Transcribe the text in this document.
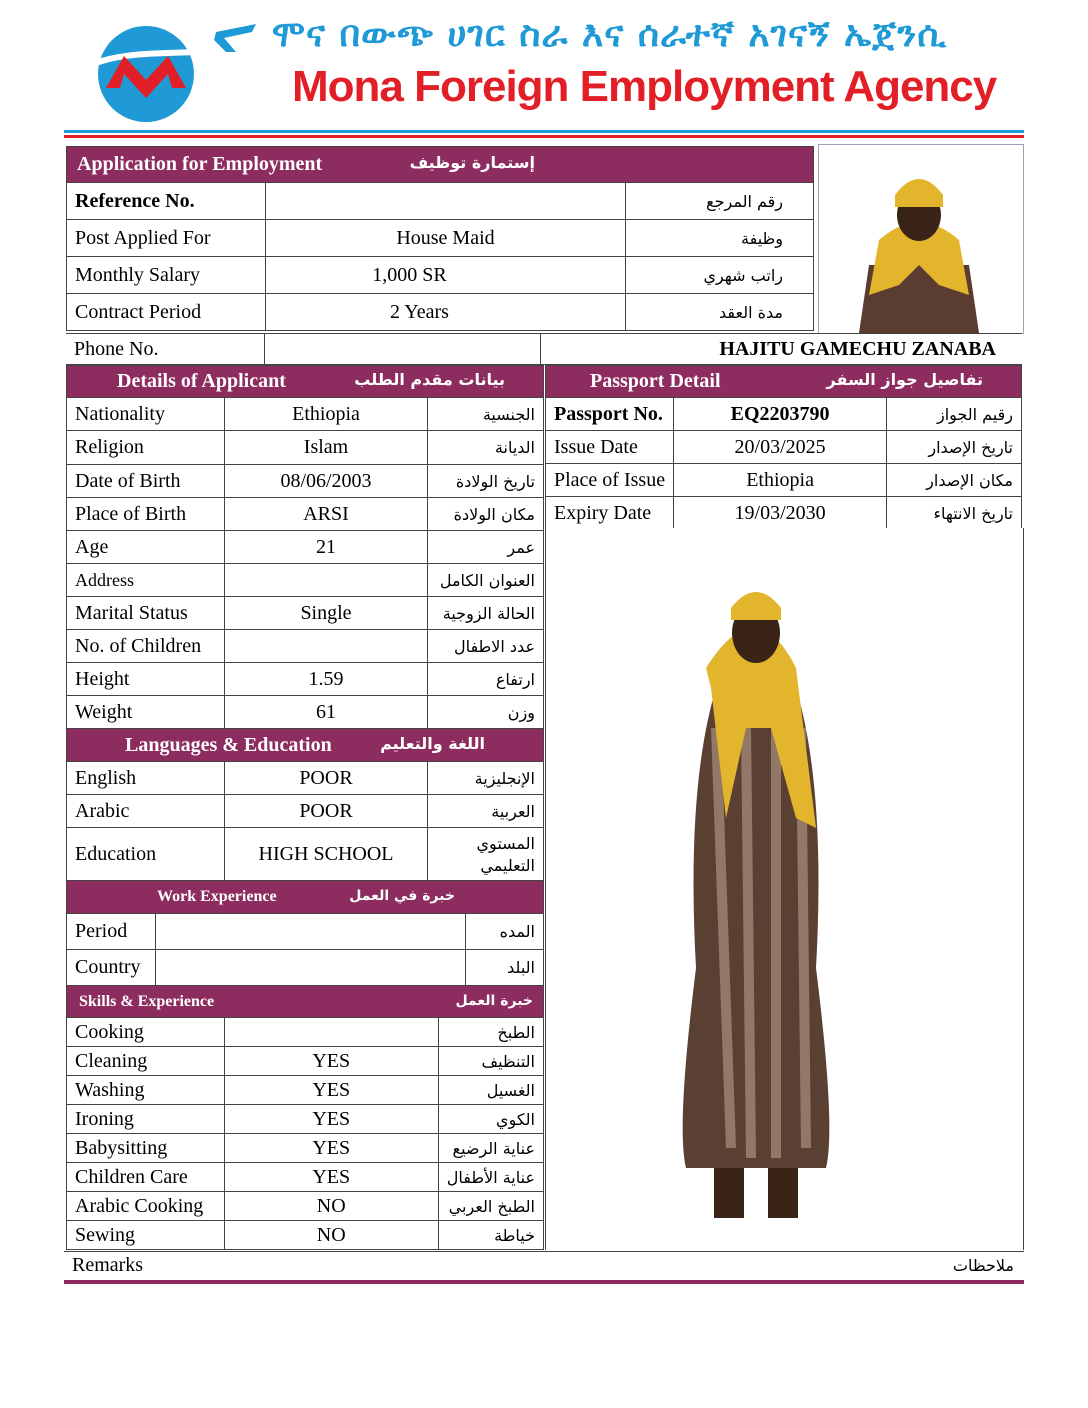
ሞና በውጭ ሀገር ስራ እና ሰራተኛ አገናኝ ኤጀንሲ
Mona Foreign Employment Agency
Application for Employment إستمارة توظيف		

Reference No.		رقم المرجع
Post Applied For	House Maid	وظيفة
Monthly Salary	1,000 SR	راتب شهري
Contract Period	2 Years	مدة العقد
Phone No.		HAJITU GAMECHU ZANABA
Details of Applicant بيانات مقدم الطلب		

Nationality	Ethiopia	الجنسية
Religion	Islam	الديانة
Date of Birth	08/06/2003	تاريخ الولادة
Place of Birth	ARSI	مكان الولادة
Age	21	عمر
Address		العنوان الكامل
Marital Status	Single	الحالة الزوجية
No. of Children		عدد الاطفال
Height	1.59	ارتفاع
Weight	61	وزن
Languages & Education اللغة والتعليم		

English	POOR	الإنجليزية
Arabic	POOR	العربية
Education	HIGH SCHOOL	المستوي التعليمي
Work Experience خبرة في العمل		

Period		المده
Country		البلد
Skills & Experience خبرة العمل		

Cooking		الطبخ
Cleaning	YES	التنظيف
Washing	YES	الغسيل
Ironing	YES	الكوي
Babysitting	YES	عناية الرضيع
Children Care	YES	عناية الأطفال
Arabic Cooking	NO	الطبخ العربي
Sewing	NO	خياطة
Passport Detail تفاصيل جواز السفر		

Passport No.	EQ2203790	رقيم الجواز
Issue Date	20/03/2025	تاريخ الإصدار
Place of Issue	Ethiopia	مكان الإصدار
Expiry Date	19/03/2030	تاريخ الانتهاء
Remarks	ملاحظات
